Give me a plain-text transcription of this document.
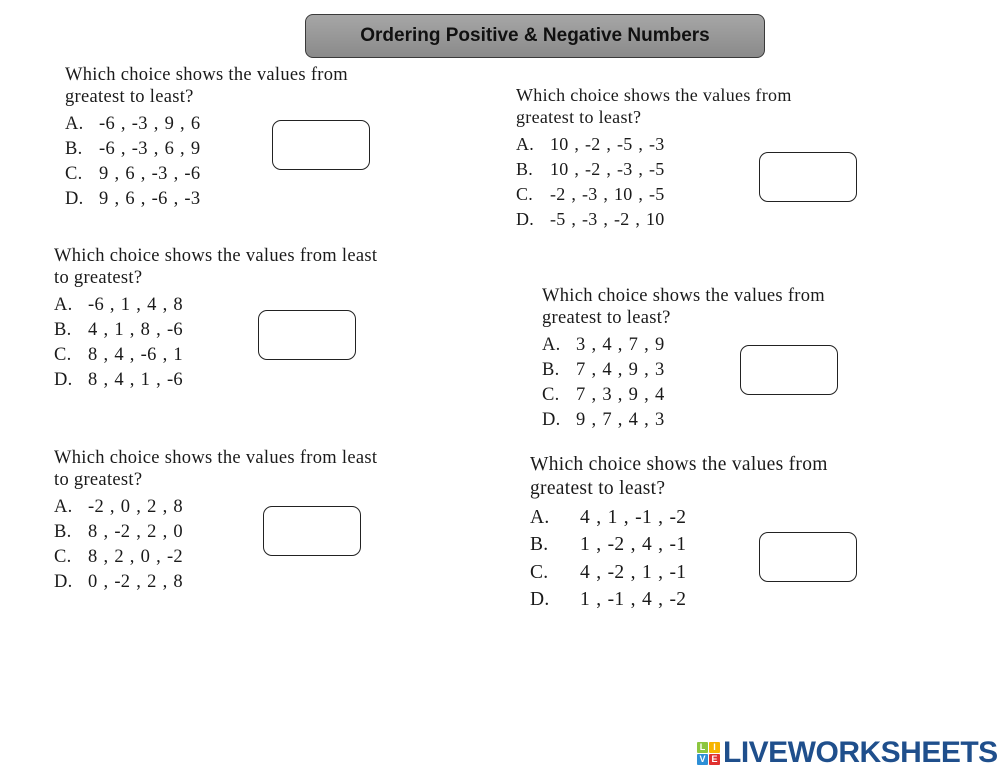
Ordering Positive & Negative Numbers
Which choice shows the values from
greatest to least?
A. -6 , -3 , 9 , 6
B. -6 , -3 , 6 , 9
C. 9 , 6 , -3 , -6
D. 9 , 6 , -6 , -3
Which choice shows the values from
greatest to least?
A. 10 , -2 , -5 , -3
B. 10 , -2 , -3 , -5
C. -2 , -3 , 10 , -5
D. -5 , -3 , -2 , 10
Which choice shows the values from least
to greatest?
A. -6 , 1 , 4 , 8
B. 4 , 1 , 8 , -6
C. 8 , 4 , -6 , 1
D. 8 , 4 , 1 , -6
Which choice shows the values from
greatest to least?
A. 3 , 4 , 7 , 9
B. 7 , 4 , 9 , 3
C. 7 , 3 , 9 , 4
D. 9 , 7 , 4 , 3
Which choice shows the values from least
to greatest?
A. -2 , 0 , 2 , 8
B. 8 , -2 , 2 , 0
C. 8 , 2 , 0 , -2
D. 0 , -2 , 2 , 8
Which choice shows the values from
greatest to least?
A.	4 , 1 , -1 , -2
B.	1 , -2 , 4 , -1
C.	4 , -2 , 1 , -1
D.	1 , -1 , 4 , -2
L I
V E LIVEWORKSHEETS
